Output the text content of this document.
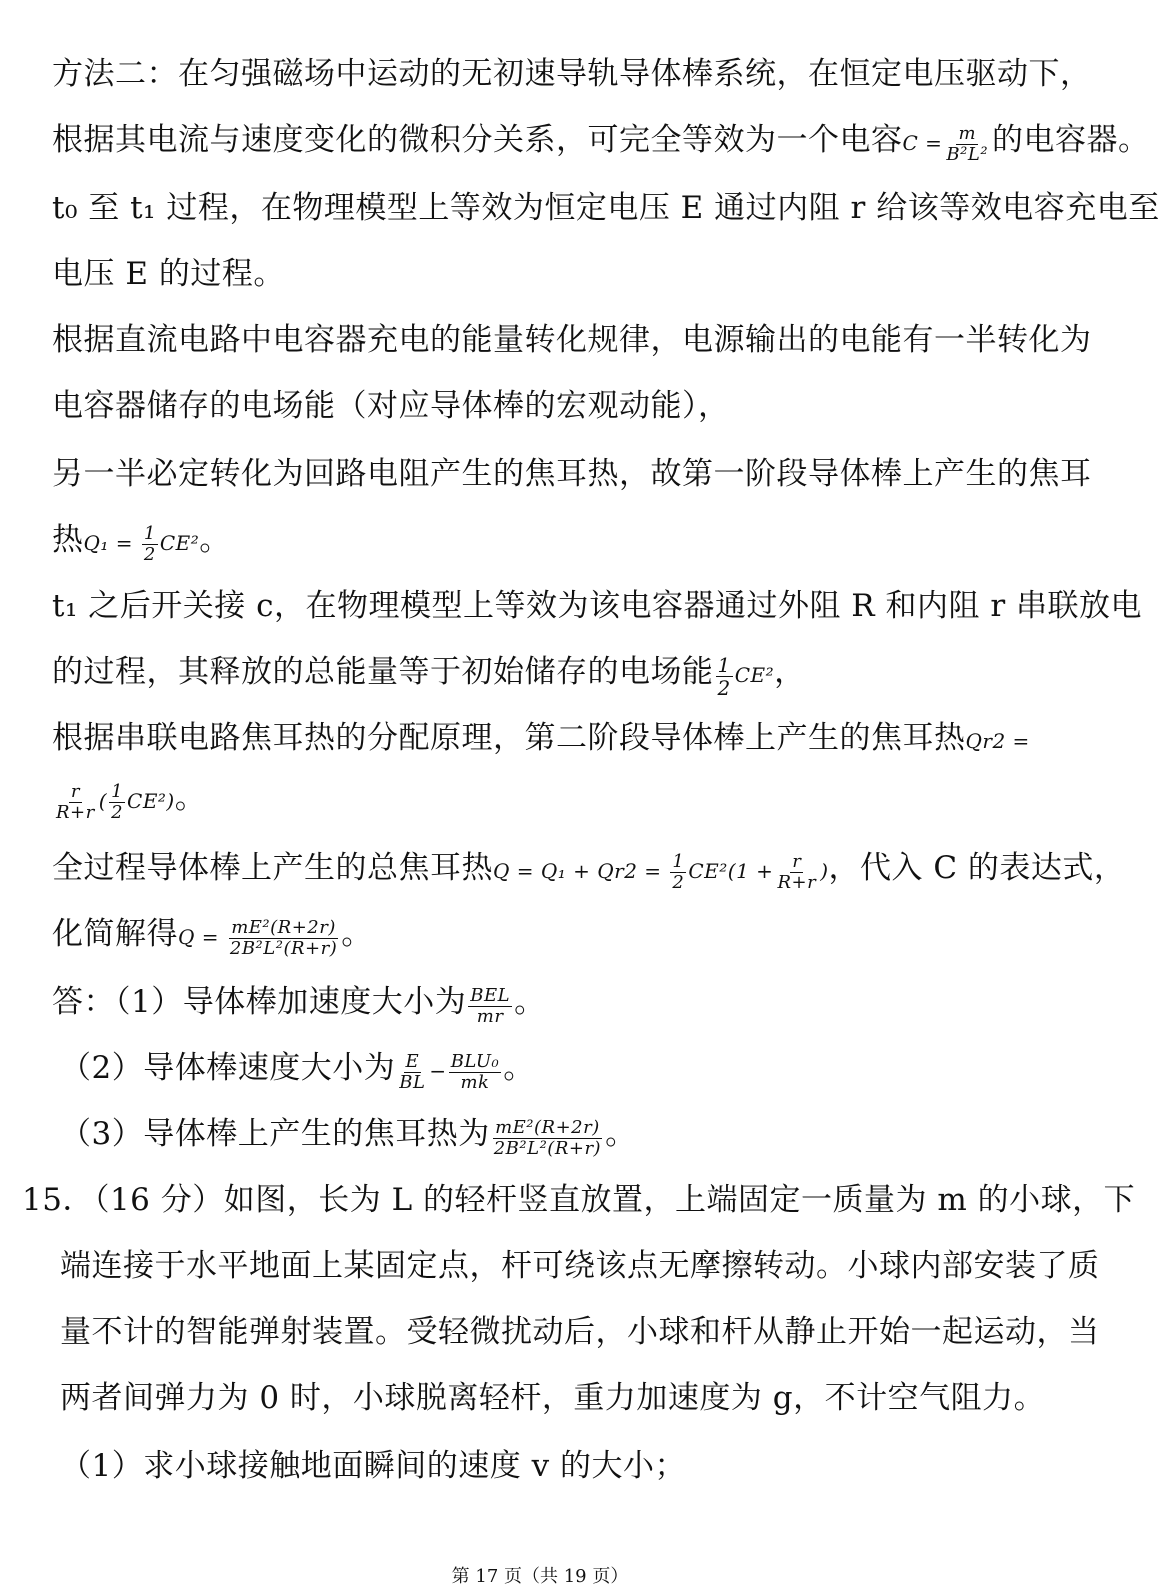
方法二：在匀强磁场中运动的无初速导轨导体棒系统，在恒定电压驱动下，
根据其电流与速度变化的微积分关系，可完全等效为一个电容$C = \frac{m}{\text{B²L²}}$ 的电容器。
t₀ 至 t₁ 过程，在物理模型上等效为恒定电压 E 通过内阻 r 给该等效电容充电至
电压 E 的过程。
根据直流电路中电容器充电的能量转化规律，电源输出的电能有一半转化为
电容器储存的电场能（对应导体棒的宏观动能），
另一半必定转化为回路电阻产生的焦耳热，故第一阶段导体棒上产生的焦耳
热$Q_1 = \frac{1}{2} CE^2$。
t₁ 之后开关接 c，在物理模型上等效为该电容器通过外阻 R 和内阻 r 串联放电
的过程，其释放的总能量等于初始储存的电场能 $\frac{1}{2} CE^2$，
根据串联电路焦耳热的分配原理，第二阶段导体棒上产生的焦耳热Qr2 =
$\frac{r}{R+r}$ ( $\frac{1}{2} CE^2$)。
全过程导体棒上产生的总焦耳热$Q = Q_1 + Qr2 = \frac{1}{2} CE^2(1 + \frac{r}{R+r}$ )，代入 C 的表达式，
化简解得$Q = \frac{\text{mE²(R+2r)}}{\text{2B²L²(R+r)}}$ 。
答：（1）导体棒加速度大小为 $\frac{\text{BEL}}{mr}$ 。
（2）导体棒速度大小为 $\frac{E}{BL} - \frac{\text{BLU₀}}{mk}$ 。
（3）导体棒上产生的焦耳热为 $\frac{\text{mE²(R+2r)}}{\text{2B²L²(R+r)}}$ 。
15．（16 分）如图，长为 L 的轻杆竖直放置，上端固定一质量为 m 的小球，下
端连接于水平地面上某固定点，杆可绕该点无摩擦转动。小球内部安装了质
量不计的智能弹射装置。受轻微扰动后，小球和杆从静止开始一起运动，当
两者间弹力为 0 时，小球脱离轻杆，重力加速度为 g，不计空气阻力。
（1）求小球接触地面瞬间的速度 v 的大小；
第 17 页（共 19 页）
